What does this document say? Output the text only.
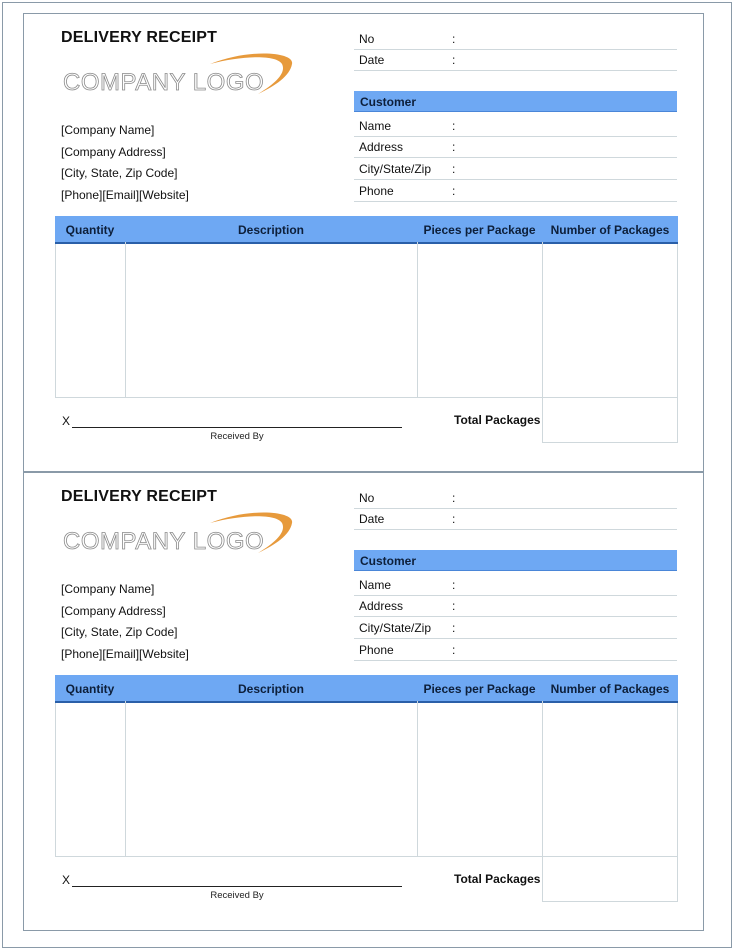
DELIVERY RECEIPT
COMPANY LOGO
[Company Name]
[Company Address]
[City, State, Zip Code]
[Phone][Email][Website]
No	:
Date	:
Customer
Name	:
Address	:
City/State/Zip :
Phone	:
Quantity	Description	Pieces per Package	Number of Packages
Total Packages
X
Received By
DELIVERY RECEIPT
COMPANY LOGO
[Company Name]
[Company Address]
[City, State, Zip Code]
[Phone][Email][Website]
No	:
Date	:
Customer
Name	:
Address	:
City/State/Zip :
Phone	:
Quantity	Description	Pieces per Package	Number of Packages
Total Packages
X
Received By
